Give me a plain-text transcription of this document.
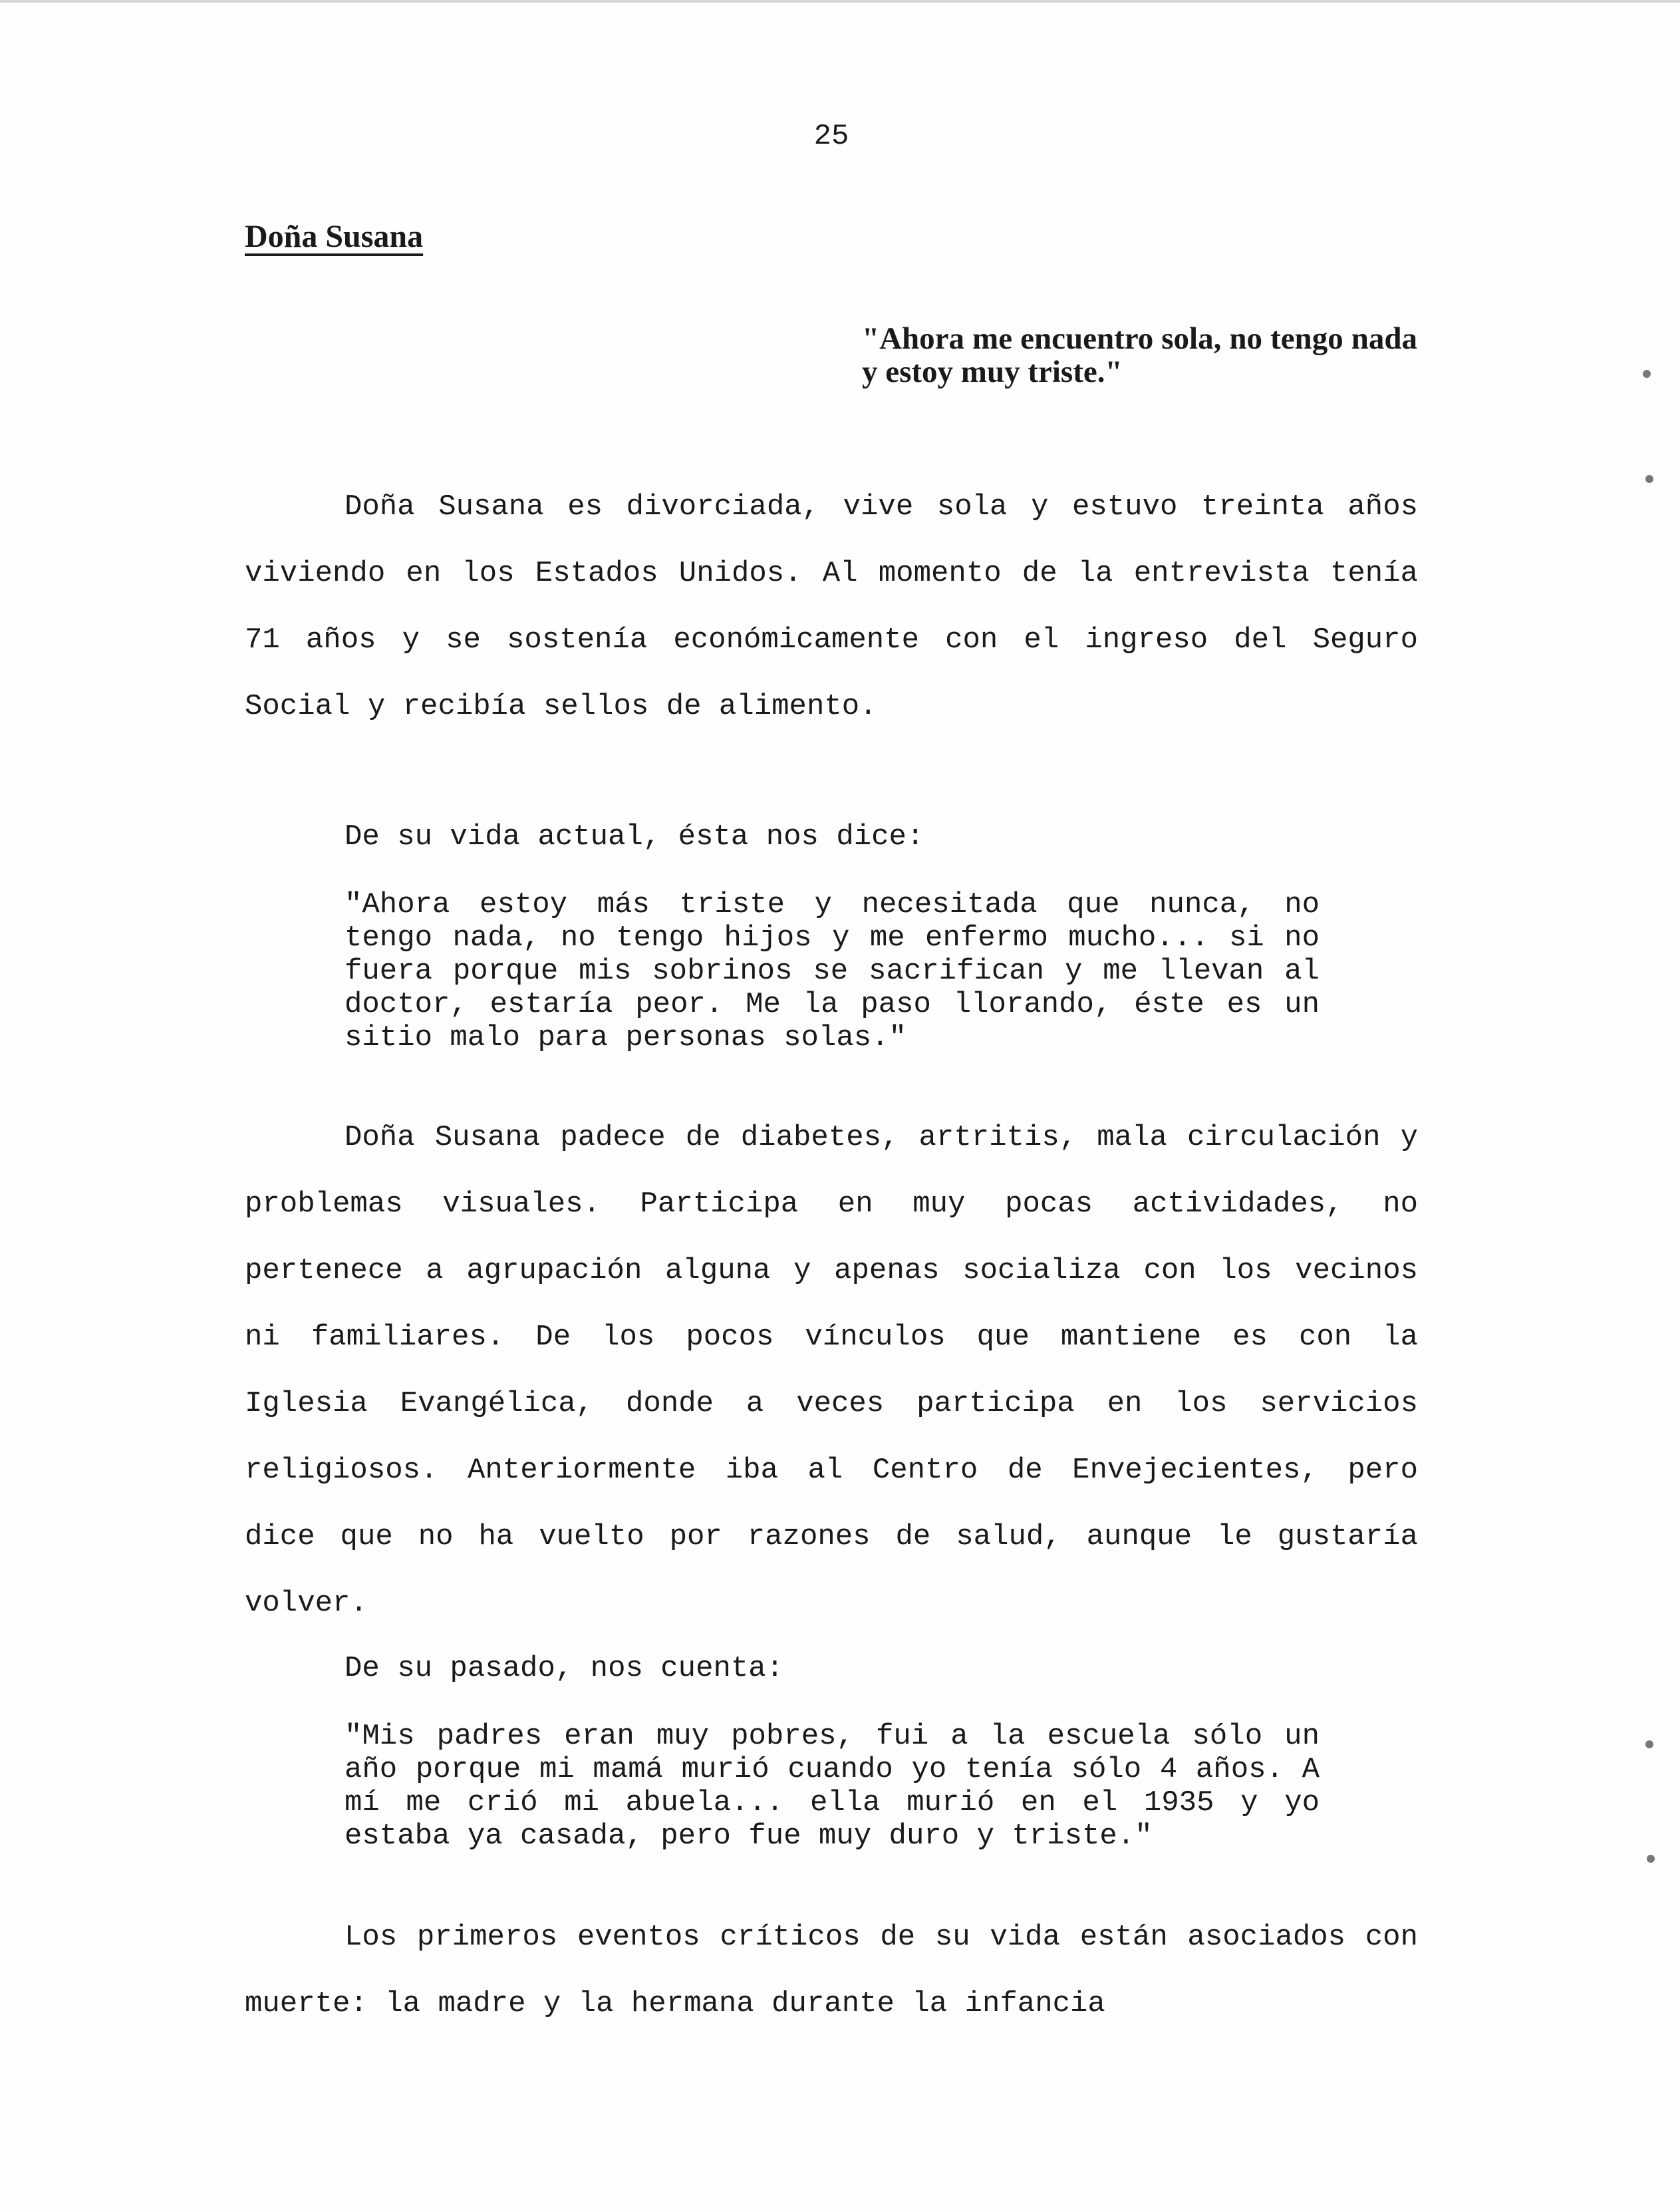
25
Doña Susana
"Ahora me encuentro sola, no tengo nada y estoy muy triste."

Doña Susana es divorciada, vive sola y estuvo treinta años viviendo en los Estados Unidos. Al momento de la entrevista tenía 71 años y se sostenía económicamente con el ingreso del Seguro Social y recibía sellos de alimento.

De su vida actual, ésta nos dice:

"Ahora estoy más triste y necesitada que nunca, no tengo nada, no tengo hijos y me enfermo mucho... si no fuera porque mis sobrinos se sacrifican y me llevan al doctor, estaría peor. Me la paso llorando, éste es un sitio malo para personas solas."

Doña Susana padece de diabetes, artritis, mala circulación y problemas visuales. Participa en muy pocas actividades, no pertenece a agrupación alguna y apenas socializa con los vecinos ni familiares. De los pocos vínculos que mantiene es con la Iglesia Evangélica, donde a veces participa en los servicios religiosos. Anteriormente iba al Centro de Envejecientes, pero dice que no ha vuelto por razones de salud, aunque le gustaría volver.

De su pasado, nos cuenta:

"Mis padres eran muy pobres, fui a la escuela sólo un año porque mi mamá murió cuando yo tenía sólo 4 años. A mí me crió mi abuela... ella murió en el 1935 y yo estaba ya casada, pero fue muy duro y triste."

Los primeros eventos críticos de su vida están asociados con muerte: la madre y la hermana durante la infancia
